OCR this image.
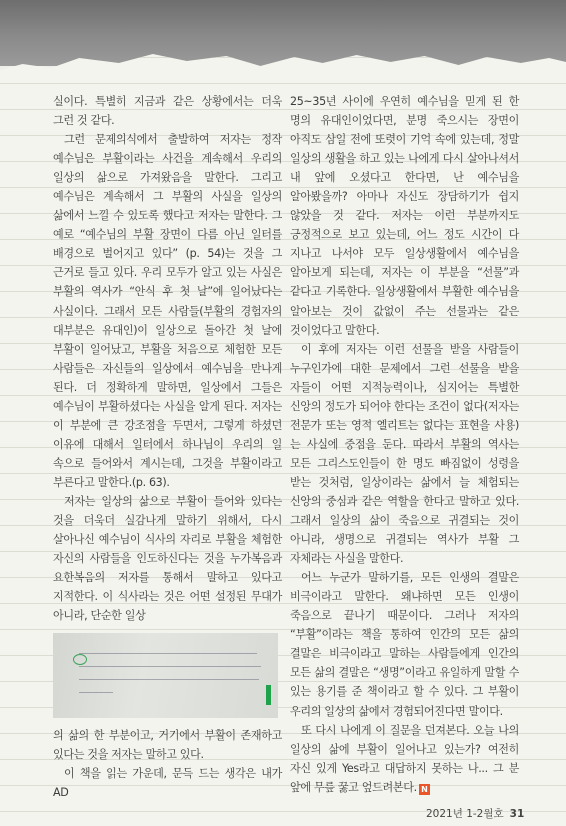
실이다. 특별히 지금과 같은 상황에서는 더욱 그런 것 같다.

그런 문제의식에서 출발하여 저자는 정작 예수님은 부활이라는 사건을 계속해서 우리의 일상의 삶으로 가져왔음을 말한다. 그리고 예수님은 계속해서 그 부활의 사실을 일상의 삶에서 느낄 수 있도록 했다고 저자는 말한다. 그 예로 “예수님의 부활 장면이 다름 아닌 일터를 배경으로 벌어지고 있다” (p. 54)는 것을 그 근거로 들고 있다. 우리 모두가 알고 있는 사실은 부활의 역사가 “안식 후 첫 날”에 일어났다는 사실이다. 그래서 모든 사람들(부활의 경험자의 대부분은 유대인)이 일상으로 돌아간 첫 날에 부활이 일어났고, 부활을 처음으로 체험한 모든 사람들은 자신들의 일상에서 예수님을 만나게 된다. 더 정확하게 말하면, 일상에서 그들은 예수님이 부활하셨다는 사실을 알게 된다. 저자는 이 부분에 큰 강조점을 두면서, 그렇게 하셨던 이유에 대해서 일터에서 하나님이 우리의 일 속으로 들어와서 계시는데, 그것을 부활이라고 부른다고 말한다.(p. 63).

저자는 일상의 삶으로 부활이 들어와 있다는 것을 더욱더 실감나게 말하기 위해서, 다시 살아나신 예수님이 식사의 자리로 부활을 체험한 자신의 사람들을 인도하신다는 것을 누가복음과 요한복음의 저자를 통해서 말하고 있다고 지적한다. 이 식사라는 것은 어떤 설정된 무대가 아니라, 단순한 일상

의 삶의 한 부분이고, 거기에서 부활이 존재하고 있다는 것을 저자는 말하고 있다.

이 책을 읽는 가운데, 문득 드는 생각은 내가 AD

25~35년 사이에 우연히 예수님을 믿게 된 한 명의 유대인이었다면, 분명 죽으시는 장면이 아직도 삼일 전에 또렷이 기억 속에 있는데, 정말 일상의 생활을 하고 있는 나에게 다시 살아나셔서 내 앞에 오셨다고 한다면, 난 예수님을 알아봤을까? 아마나 자신도 장담하기가 쉽지 않았을 것 같다. 저자는 이런 부분까지도 긍정적으로 보고 있는데, 어느 정도 시간이 다 지나고 나서야 모두 일상생활에서 예수님을 알아보게 되는데, 저자는 이 부분을 “선물”과 같다고 기록한다. 일상생활에서 부활한 예수님을 알아보는 것이 값없이 주는 선물과는 같은 것이었다고 말한다.

이 후에 저자는 이런 선물을 받을 사람들이 누구인가에 대한 문제에서 그런 선물을 받을 자들이 어떤 지적능력이나, 심지어는 특별한 신앙의 정도가 되어야 한다는 조건이 없다(저자는 전문가 또는 영적 엘리트는 없다는 표현을 사용)는 사실에 중점을 둔다. 따라서 부활의 역사는 모든 그리스도인들이 한 명도 빠짐없이 성령을 받는 것처럼, 일상이라는 삶에서 늘 체험되는 신앙의 중심과 같은 역할을 한다고 말하고 있다. 그래서 일상의 삶이 죽음으로 귀결되는 것이 아니라, 생명으로 귀결되는 역사가 부활 그 자체라는 사실을 말한다.

어느 누군가 말하기를, 모든 인생의 결말은 비극이라고 말한다. 왜냐하면 모든 인생이 죽음으로 끝나기 때문이다. 그러나 저자의 “부활”이라는 책을 통하여 인간의 모든 삶의 결말은 비극이라고 말하는 사람들에게 인간의 모든 삶의 결말은 “생명”이라고 유일하게 말할 수 있는 용기를 준 책이라고 할 수 있다. 그 부활이 우리의 일상의 삶에서 경험되어진다면 말이다.

또 다시 나에게 이 질문을 던져본다. 오늘 나의 일상의 삶에 부활이 일어나고 있는가? 여전히 자신 있게 Yes라고 대답하지 못하는 나... 그 분 앞에 무릎 꿇고 엎드려본다. N

2021년 1-2월호 31
